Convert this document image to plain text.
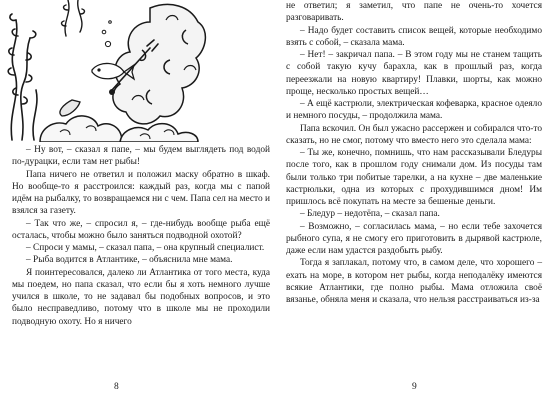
– Ну вот, – сказал я папе, – мы будем выглядеть под водой по-дурацки, если там нет рыбы!

Папа ничего не ответил и положил маску обратно в шкаф. Но вообще-то я расстроился: каждый раз, когда мы с папой идём на рыбалку, то возвращаемся ни с чем. Папа сел на место и взялся за газету.

– Так что же, – спросил я, – где-нибудь вообще рыба ещё осталась, чтобы можно было заняться подводной охотой?

– Спроси у мамы, – сказал папа, – она крупный специалист.

– Рыба водится в Атлантике, – объяснила мне мама.

Я поинтересовался, далеко ли Атлантика от того места, куда мы поедем, но папа сказал, что если бы я хоть немного лучше учился в школе, то не задавал бы подобных вопросов, и это было несправедливо, потому что в школе мы не проходили подводную охоту. Но я ничего

8

не ответил; я заметил, что папе не очень-то хочется разговаривать.

– Надо будет составить список вещей, которые необходимо взять с собой, – сказала мама.

– Нет! – закричал папа. – В этом году мы не станем тащить с собой такую кучу барахла, как в прошлый раз, когда переезжали на новую квартиру! Плавки, шорты, как можно проще, несколько простых вещей…

– А ещё кастрюли, электрическая кофеварка, красное одеяло и немного посуды, – продолжила мама.

Папа вскочил. Он был ужасно рассержен и собирался что-то сказать, но не смог, потому что вместо него это сделала мама:

– Ты же, конечно, помнишь, что нам рассказывали Бледуры после того, как в прошлом году снимали дом. Из посуды там были только три побитые тарелки, а на кухне – две маленькие кастрюльки, одна из которых с прохудившимся дном! Им пришлось всё покупать на месте за бешеные деньги.

– Бледур – недотёпа, – сказал папа.

– Возможно, – согласилась мама, – но если тебе захочется рыбного супа, я не смогу его приготовить в дырявой кастрюле, даже если нам удастся раздобыть рыбу.

Тогда я заплакал, потому что, в самом деле, что хорошего – ехать на море, в котором нет рыбы, когда неподалёку имеются всякие Атлантики, где полно рыбы. Мама отложила своё вязанье, обняла меня и сказала, что нельзя расстраиваться из-за

9
